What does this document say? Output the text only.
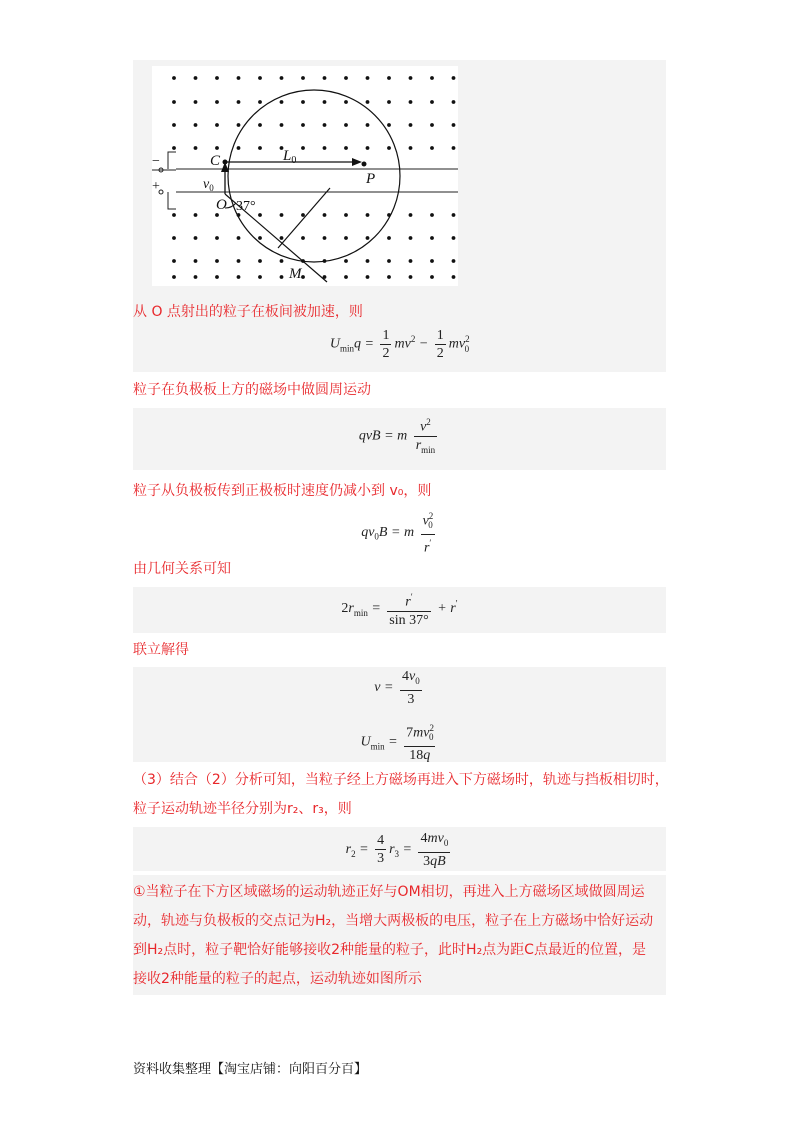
−
+
C	$L_0$
P
$v_0$
O 37°
M

从 O 点射出的粒子在板间被加速，则

$U_{min}q = \frac{1}{2} mv^2 - \frac{1}{2} mv^2_0$

粒子在负极板上方的磁场中做圆周运动

qvB = m $\frac{v^2}{r_{min}}$

粒子从负极板传到正极板时速度仍减小到 v₀，则

$qv_0B = m \frac{v^2_0}{r'}$

由几何关系可知

$2r_{min} = \frac{r'}{\sin 37^\circ} + r'$

联立解得

$v = \frac{4v_0}{3}$
$U_{min} = \frac{7mv^2_0}{18q}$

（3）结合（2）分析可知，当粒子经上方磁场再进入下方磁场时，轨迹与挡板相切时，

粒子运动轨迹半径分别为r₂、r₃，则

$r_2 = \frac{4}{3} r_3 = \frac{4mv_0}{3qB}$

①当粒子在下方区域磁场的运动轨迹正好与OM相切，再进入上方磁场区域做圆周运

动，轨迹与负极板的交点记为H₂，当增大两极板的电压，粒子在上方磁场中恰好运动

到H₂点时，粒子靶恰好能够接收2种能量的粒子，此时H₂点为距C点最近的位置，是

接收2种能量的粒子的起点，运动轨迹如图所示

资料收集整理【淘宝店铺：向阳百分百】
